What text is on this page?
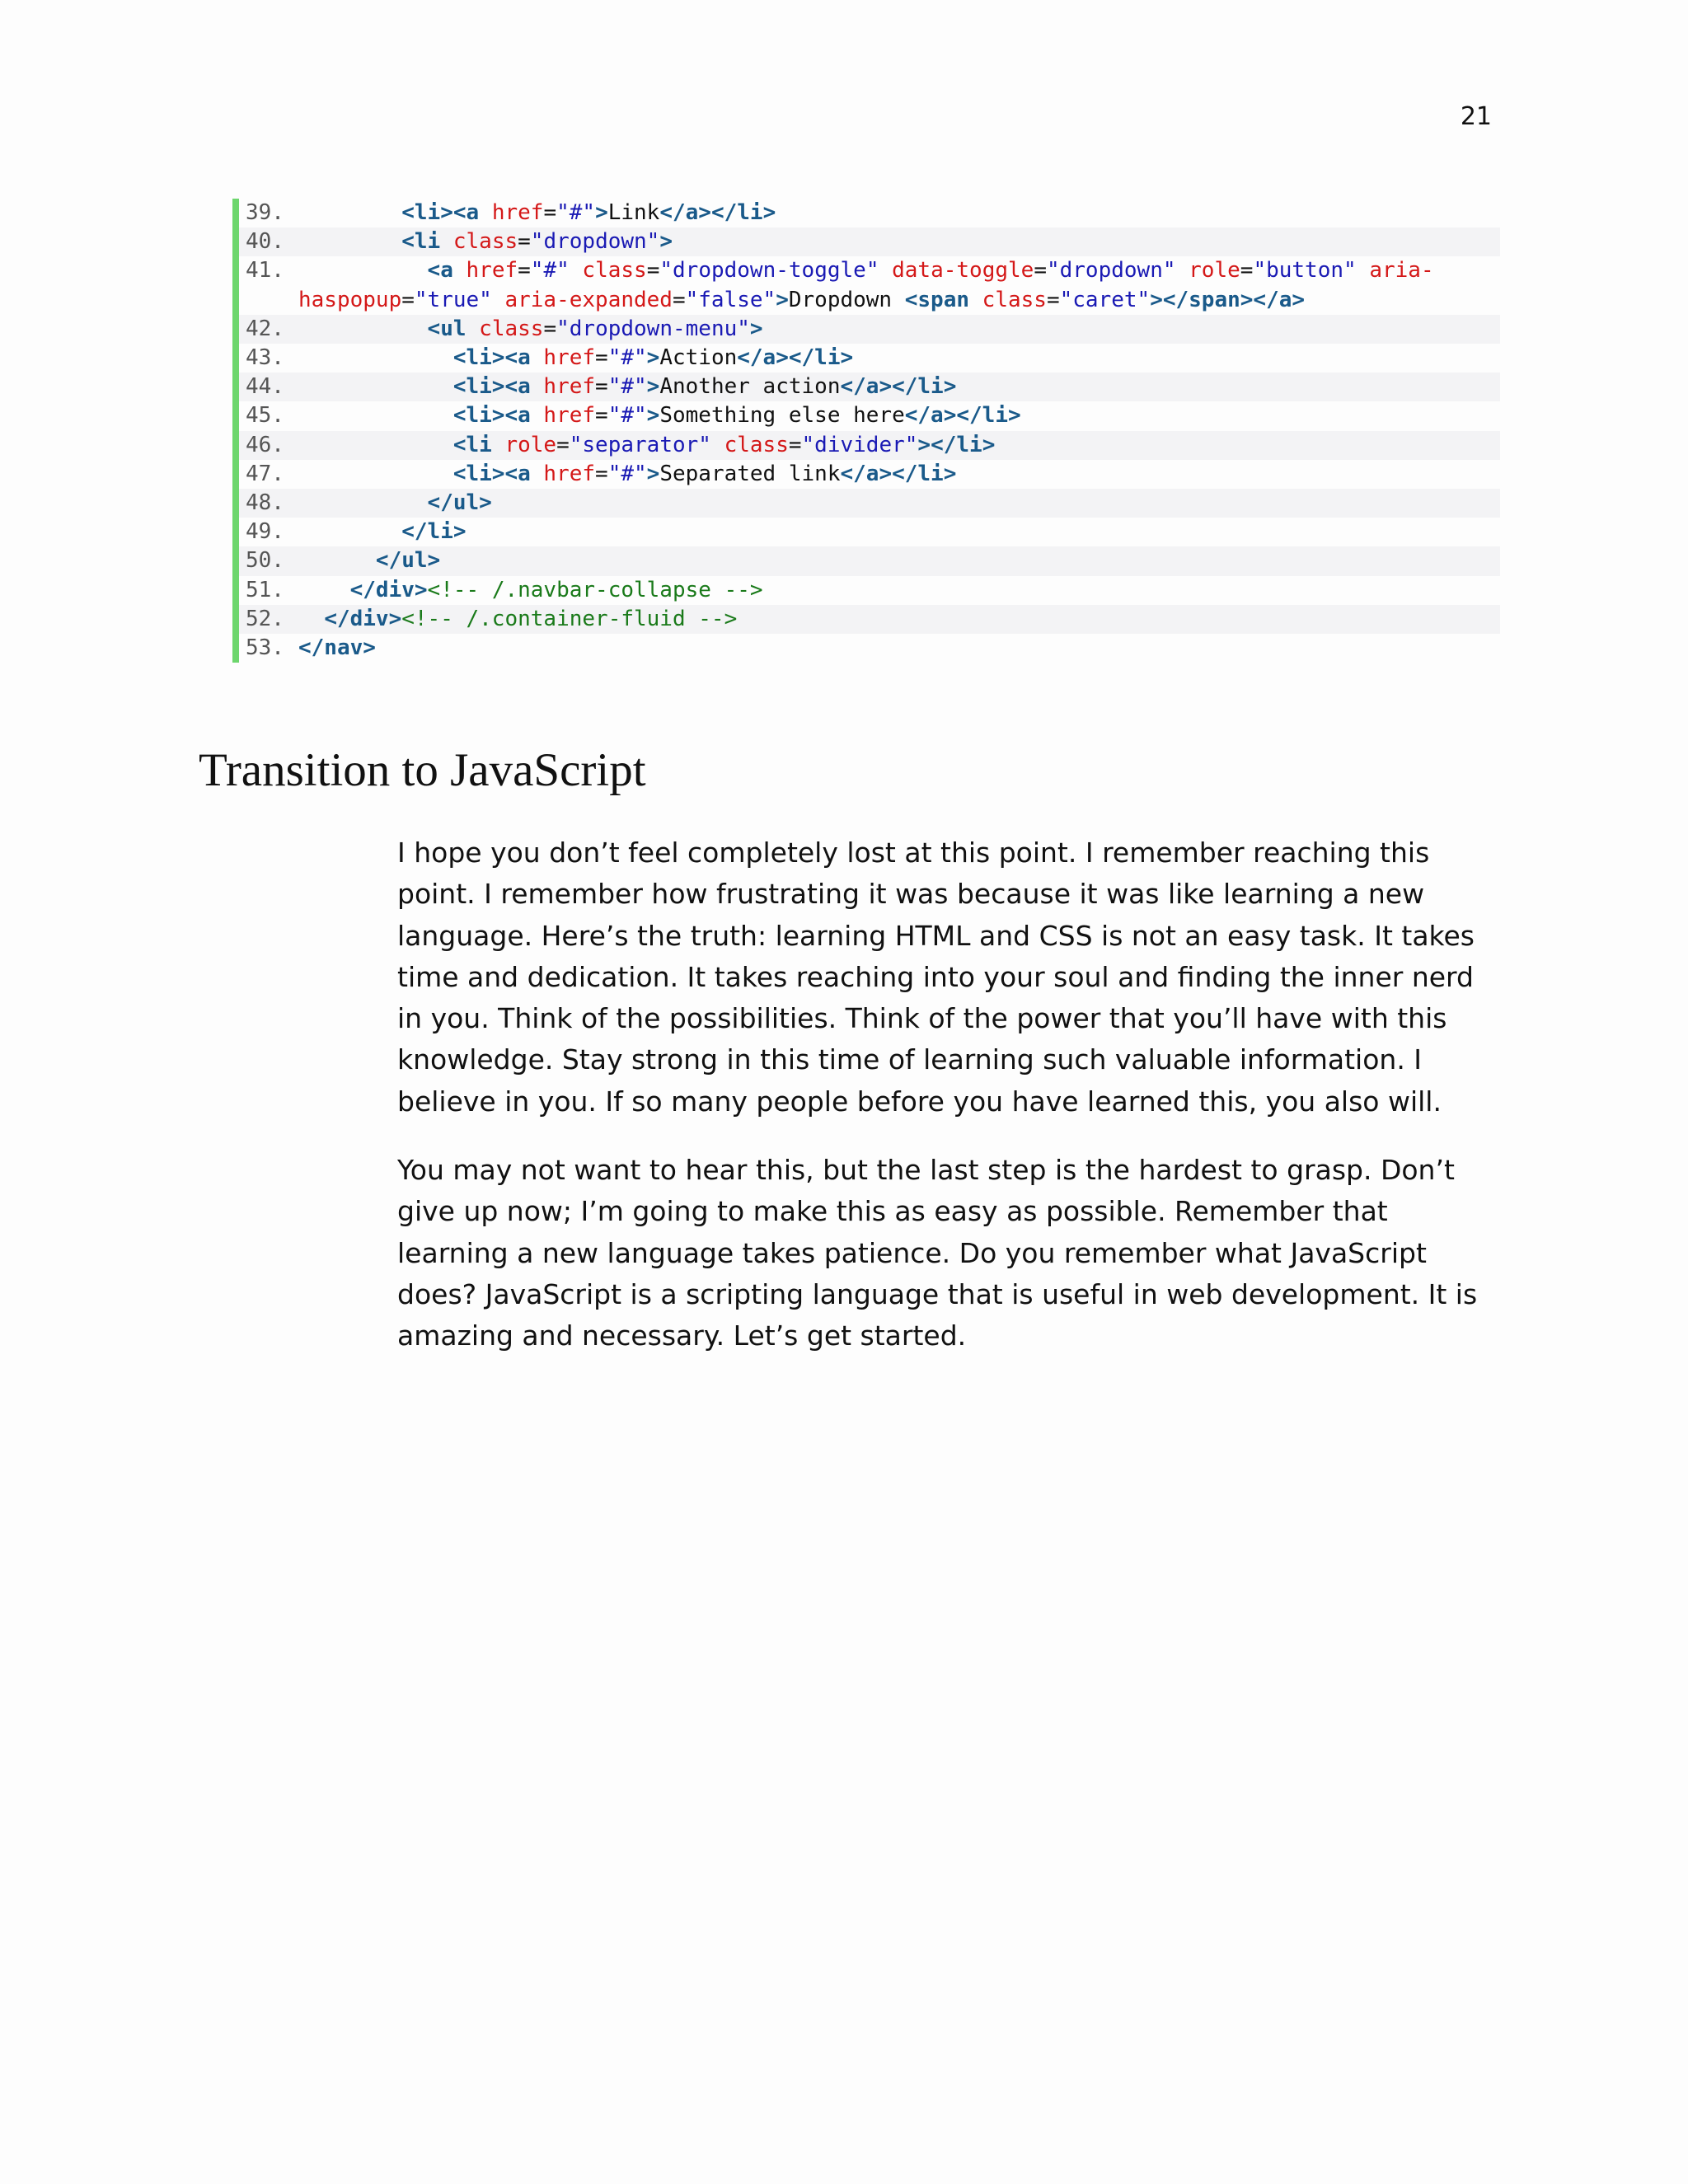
21
39.	<li><a href="#">Link</a></li>
40.	<li class="dropdown">
41.	<a href="#" class="dropdown-toggle" data-toggle="dropdown" role="button" aria-haspopup="true" aria-expanded="false">Dropdown <span class="caret"></span></a>
42.	<ul class="dropdown-menu">
43.	<li><a href="#">Action</a></li>
44.	<li><a href="#">Another action</a></li>
45.	<li><a href="#">Something else here</a></li>
46.	<li role="separator" class="divider"></li>
47.	<li><a href="#">Separated link</a></li>
48.	</ul>
49.	</li>
50.	</ul>
51.	</div><!-- /.navbar-collapse -->
52.	</div><!-- /.container-fluid -->
53. </nav>
Transition to JavaScript

I hope you don’t feel completely lost at this point. I remember reaching this point. I remember how frustrating it was because it was like learning a new language. Here’s the truth: learning HTML and CSS is not an easy task. It takes time and dedication. It takes reaching into your soul and finding the inner nerd in you. Think of the possibilities. Think of the power that you’ll have with this knowledge. Stay strong in this time of learning such valuable information. I believe in you. If so many people before you have learned this, you also will.

You may not want to hear this, but the last step is the hardest to grasp. Don’t give up now; I’m going to make this as easy as possible. Remember that learning a new language takes patience. Do you remember what JavaScript does? JavaScript is a scripting language that is useful in web development. It is amazing and necessary. Let’s get started.
